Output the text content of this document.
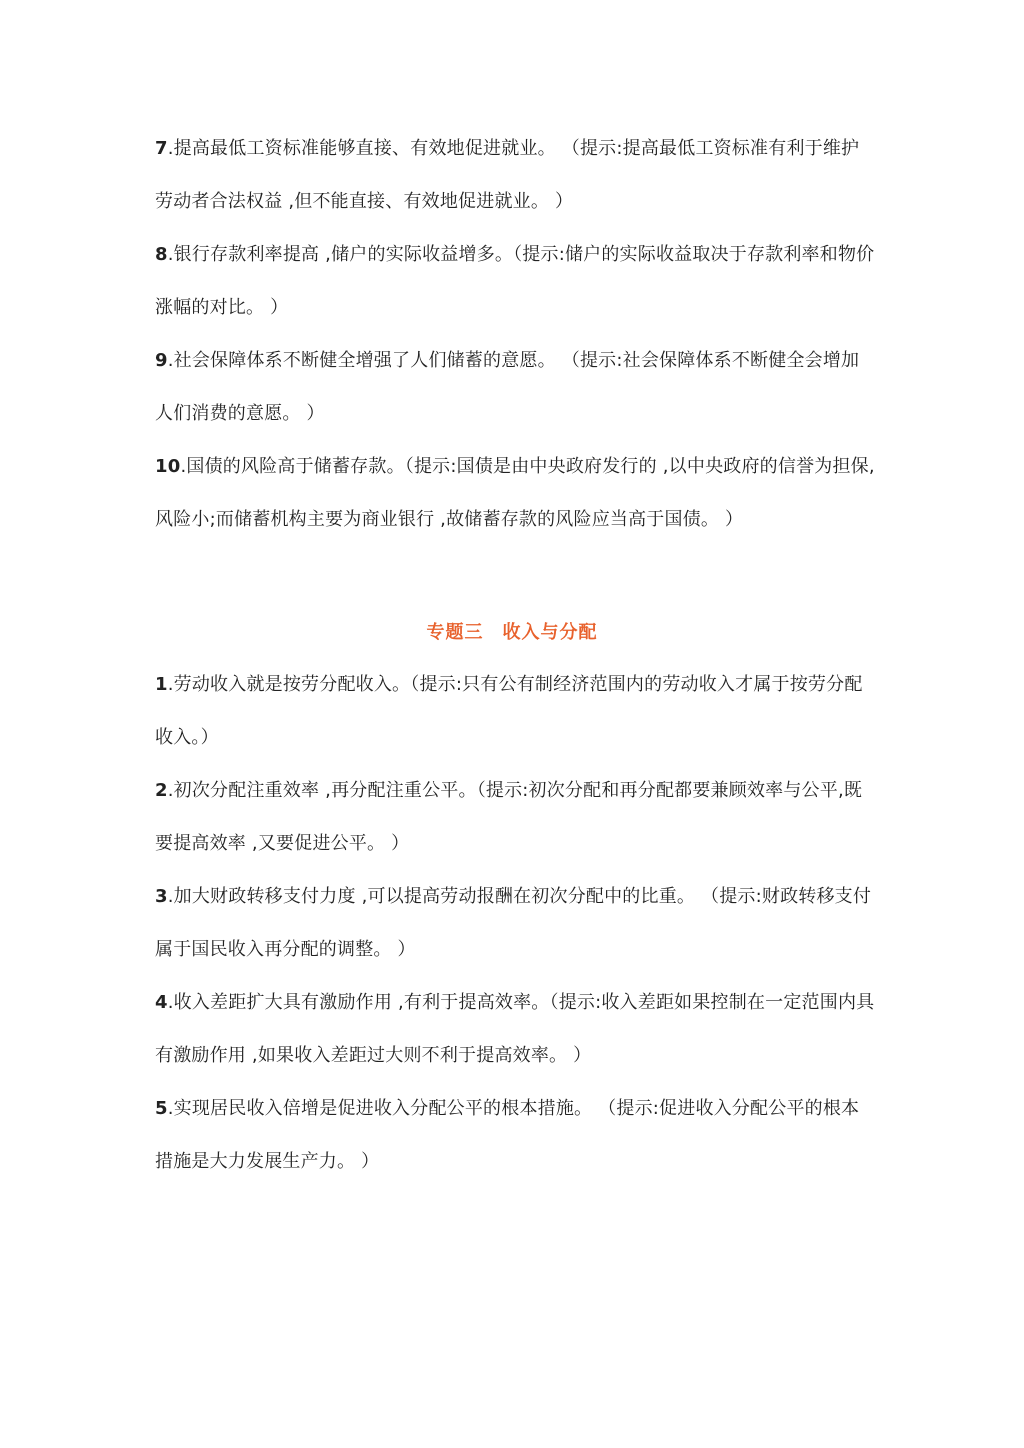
7.提高最低工资标准能够直接、有效地促进就业。 （提示:提高最低工资标准有利于维护劳动者合法权益 ,但不能直接、有效地促进就业。 ）

8.银行存款利率提高 ,储户的实际收益增多。（提示:储户的实际收益取决于存款利率和物价涨幅的对比。 ）

9.社会保障体系不断健全增强了人们储蓄的意愿。 （提示:社会保障体系不断健全会增加人们消费的意愿。 ）

10.国债的风险高于储蓄存款。（提示:国债是由中央政府发行的 ,以中央政府的信誉为担保,风险小;而储蓄机构主要为商业银行 ,故储蓄存款的风险应当高于国债。 ）

专题三　收入与分配

1.劳动收入就是按劳分配收入。（提示:只有公有制经济范围内的劳动收入才属于按劳分配收入。）

2.初次分配注重效率 ,再分配注重公平。（提示:初次分配和再分配都要兼顾效率与公平,既要提高效率 ,又要促进公平。 ）

3.加大财政转移支付力度 ,可以提高劳动报酬在初次分配中的比重。 （提示:财政转移支付属于国民收入再分配的调整。 ）

4.收入差距扩大具有激励作用 ,有利于提高效率。（提示:收入差距如果控制在一定范围内具有激励作用 ,如果收入差距过大则不利于提高效率。 ）

5.实现居民收入倍增是促进收入分配公平的根本措施。 （提示:促进收入分配公平的根本措施是大力发展生产力。 ）
